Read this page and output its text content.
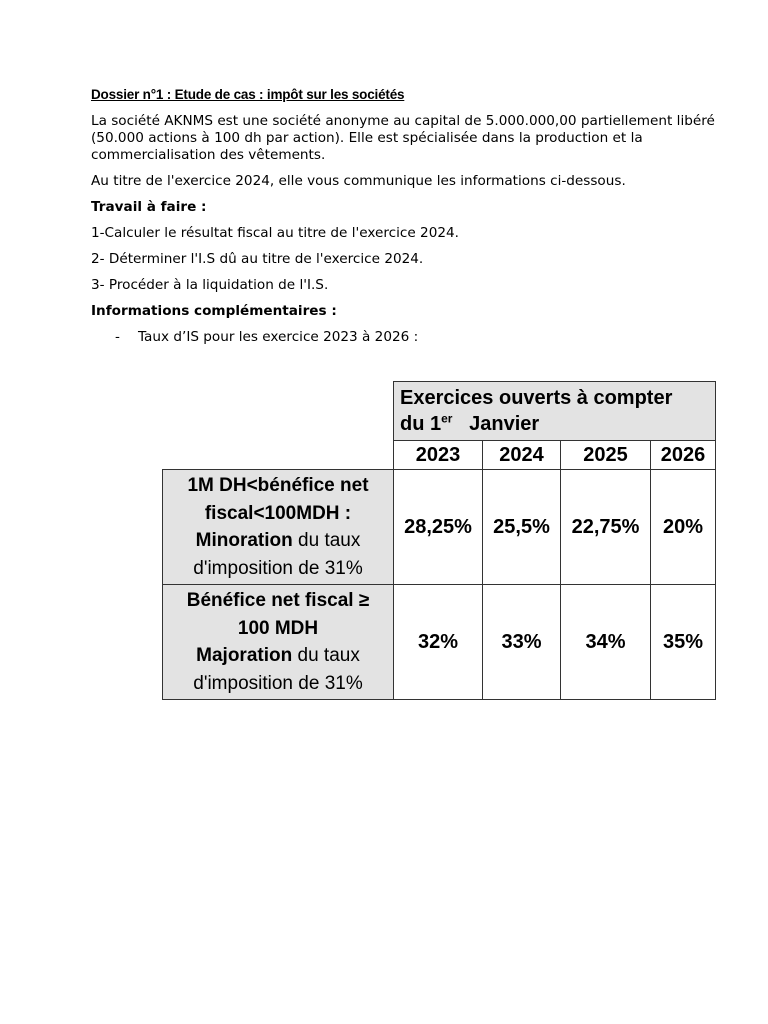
Dossier n°1 : Etude de cas : impôt sur les sociétés

La société AKNMS est une société anonyme au capital de 5.000.000,00 partiellement libéré (50.000 actions à 100 dh par action). Elle est spécialisée dans la production et la commercialisation des vêtements.

Au titre de l'exercice 2024, elle vous communique les informations ci-dessous.

Travail à faire :

1-Calculer le résultat fiscal au titre de l'exercice 2024.

2- Déterminer l'I.S dû au titre de l'exercice 2024.

3- Procéder à la liquidation de l'I.S.

Informations complémentaires :

-	Taux d’IS pour les exercice 2023 à 2026 :
	Exercices ouverts à compter
du 1er Janvier			
	2023	2024	2025	2026
1M DH<bénéfice net
fiscal<100MDH :
Minoration du taux
d'imposition de 31%	28,25%	25,5%	22,75%	20%
Bénéfice net fiscal ≥
100 MDH
Majoration du taux
d'imposition de 31%	32%	33%	34%	35%
